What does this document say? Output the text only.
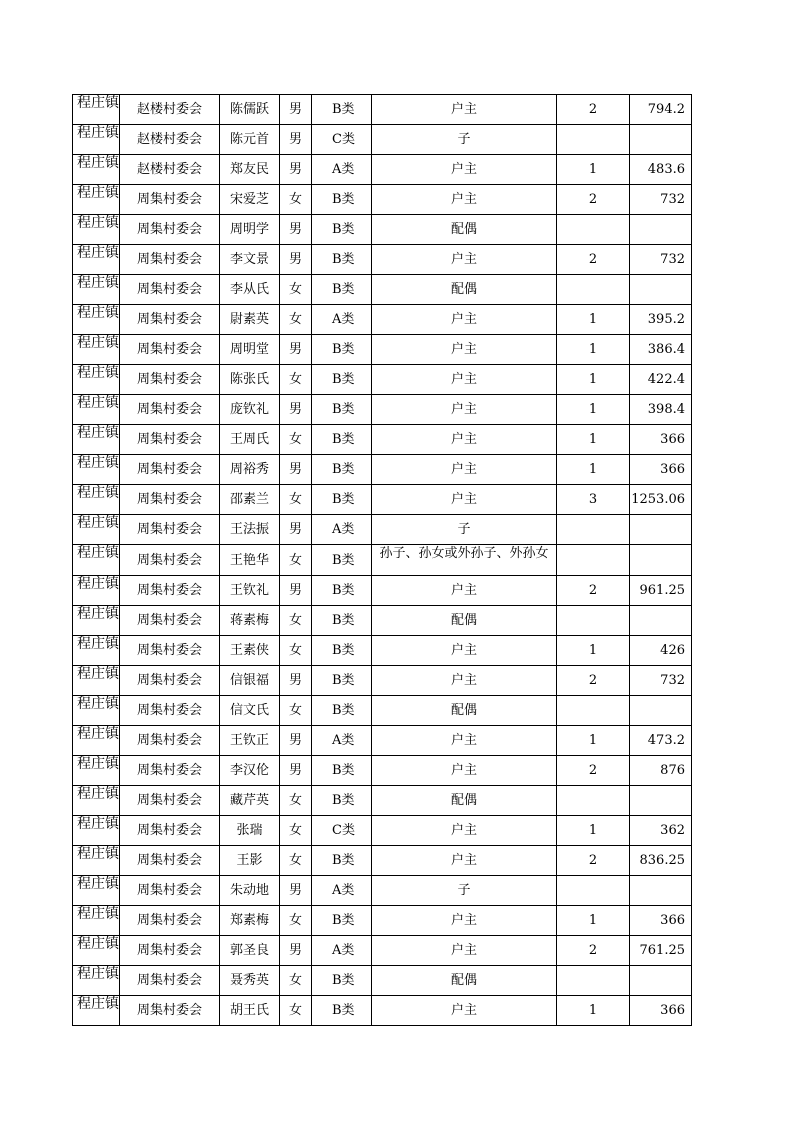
程庄镇	赵楼村委会	陈儒跃	男	B类	户主	2	794.2
程庄镇	赵楼村委会	陈元首	男	C类	子		
程庄镇	赵楼村委会	郑友民	男	A类	户主	1	483.6
程庄镇	周集村委会	宋爱芝	女	B类	户主	2	732
程庄镇	周集村委会	周明学	男	B类	配偶		
程庄镇	周集村委会	李文景	男	B类	户主	2	732
程庄镇	周集村委会	李从氏	女	B类	配偶		
程庄镇	周集村委会	尉素英	女	A类	户主	1	395.2
程庄镇	周集村委会	周明堂	男	B类	户主	1	386.4
程庄镇	周集村委会	陈张氏	女	B类	户主	1	422.4
程庄镇	周集村委会	庞钦礼	男	B类	户主	1	398.4
程庄镇	周集村委会	王周氏	女	B类	户主	1	366
程庄镇	周集村委会	周裕秀	男	B类	户主	1	366
程庄镇	周集村委会	邵素兰	女	B类	户主	3	1253.06
程庄镇	周集村委会	王法振	男	A类	子		
程庄镇	周集村委会	王艳华	女	B类	孙子、孙女或外孙子、外孙女		
程庄镇	周集村委会	王钦礼	男	B类	户主	2	961.25
程庄镇	周集村委会	蒋素梅	女	B类	配偶		
程庄镇	周集村委会	王素侠	女	B类	户主	1	426
程庄镇	周集村委会	信银福	男	B类	户主	2	732
程庄镇	周集村委会	信文氏	女	B类	配偶		
程庄镇	周集村委会	王钦正	男	A类	户主	1	473.2
程庄镇	周集村委会	李汉伦	男	B类	户主	2	876
程庄镇	周集村委会	藏芹英	女	B类	配偶		
程庄镇	周集村委会	张瑞	女	C类	户主	1	362
程庄镇	周集村委会	王影	女	B类	户主	2	836.25
程庄镇	周集村委会	朱动地	男	A类	子		
程庄镇	周集村委会	郑素梅	女	B类	户主	1	366
程庄镇	周集村委会	郭圣良	男	A类	户主	2	761.25
程庄镇	周集村委会	聂秀英	女	B类	配偶		
程庄镇	周集村委会	胡王氏	女	B类	户主	1	366
